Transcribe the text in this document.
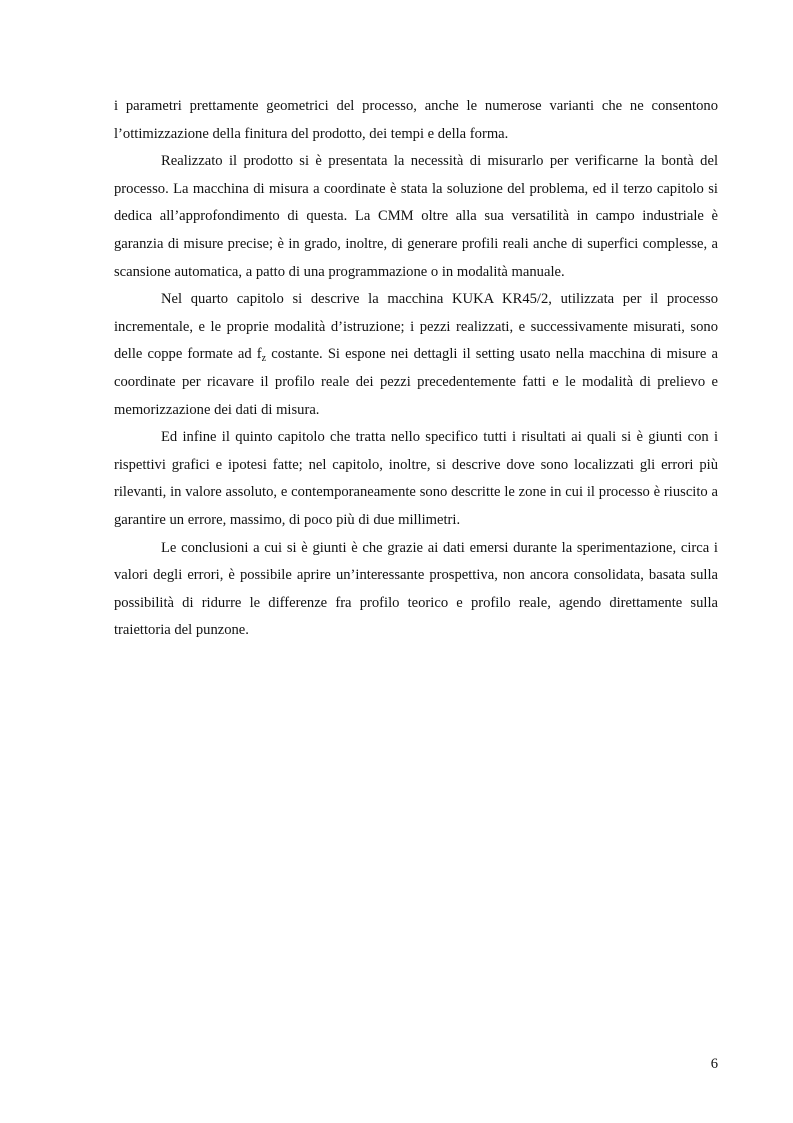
i parametri prettamente geometrici del processo, anche le numerose varianti che ne consentono l’ottimizzazione della finitura del prodotto, dei tempi e della forma.

Realizzato il prodotto si è presentata la necessità di misurarlo per verificarne la bontà del processo. La macchina di misura a coordinate è stata la soluzione del problema, ed il terzo capitolo si dedica all’approfondimento di questa. La CMM oltre alla sua versatilità in campo industriale è garanzia di misure precise; è in grado, inoltre, di generare profili reali anche di superfici complesse, a scansione automatica, a patto di una programmazione o in modalità manuale.

Nel quarto capitolo si descrive la macchina KUKA KR45/2, utilizzata per il processo incrementale, e le proprie modalità d’istruzione; i pezzi realizzati, e successivamente misurati, sono delle coppe formate ad $f_z$ costante. Si espone nei dettagli il setting usato nella macchina di misure a coordinate per ricavare il profilo reale dei pezzi precedentemente fatti e le modalità di prelievo e memorizzazione dei dati di misura.

Ed infine il quinto capitolo che tratta nello specifico tutti i risultati ai quali si è giunti con i rispettivi grafici e ipotesi fatte; nel capitolo, inoltre, si descrive dove sono localizzati gli errori più rilevanti, in valore assoluto, e contemporaneamente sono descritte le zone in cui il processo è riuscito a garantire un errore, massimo, di poco più di due millimetri.

Le conclusioni a cui si è giunti è che grazie ai dati emersi durante la sperimentazione, circa i valori degli errori, è possibile aprire un’interessante prospettiva, non ancora consolidata, basata sulla possibilità di ridurre le differenze fra profilo teorico e profilo reale, agendo direttamente sulla traiettoria del punzone.

6
